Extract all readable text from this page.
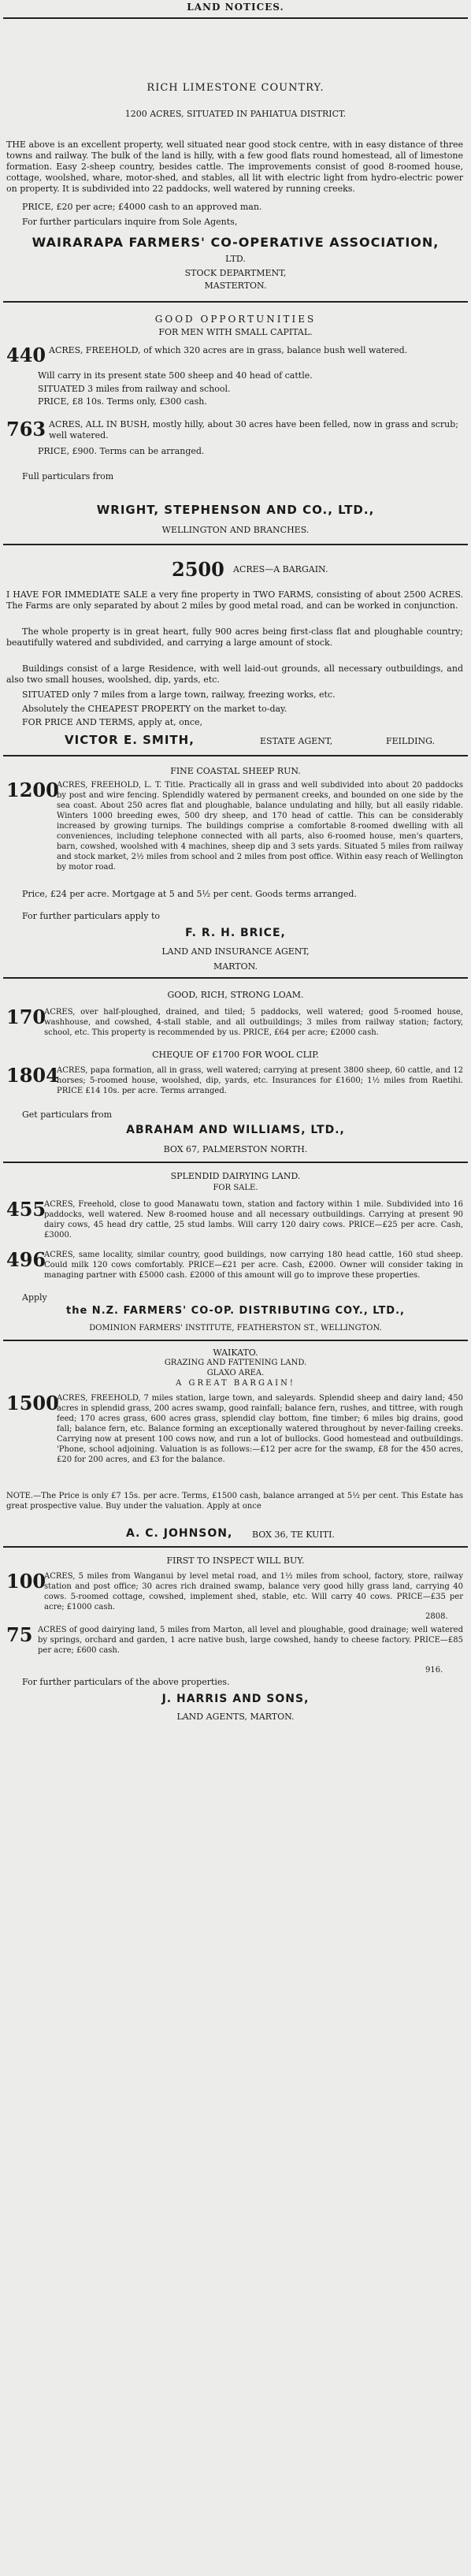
LAND NOTICES.
RICH LIMESTONE COUNTRY.
1200 ACRES, SITUATED IN PAHIATUA DISTRICT.
THE above is an excellent property, well situated near good stock centre, with in easy distance of three towns and railway. The bulk of the land is hilly, with a few good flats round homestead, all of limestone formation. Easy 2-sheep country, besides cattle. The improvements consist of good 8-roomed house, cottage, woolshed, whare, motor-shed, and stables, all lit with electric light from hydro-electric power on property. It is subdivided into 22 paddocks, well watered by running creeks.
PRICE, £20 per acre; £4000 cash to an approved man.
For further particulars inquire from Sole Agents,
WAIRARAPA FARMERS' CO-OPERATIVE ASSOCIATION,
LTD.
STOCK DEPARTMENT,
MASTERTON.
GOOD OPPORTUNITIES
FOR MEN WITH SMALL CAPITAL.
440 ACRES, FREEHOLD, of which 320 acres are in grass, balance bush well watered.
Will carry in its present state 500 sheep and 40 head of cattle.
SITUATED 3 miles from railway and school.
PRICE, £8 10s. Terms only, £300 cash.
763 ACRES, ALL IN BUSH, mostly hilly, about 30 acres have been felled, now in grass and scrub; well watered.
PRICE, £900. Terms can be arranged.
Full particulars from
WRIGHT, STEPHENSON AND CO., LTD.,
WELLINGTON AND BRANCHES.
2500 ACRES—A BARGAIN.
I HAVE FOR IMMEDIATE SALE a very fine property in TWO FARMS, consisting of about 2500 ACRES. The Farms are only separated by about 2 miles by good metal road, and can be worked in conjunction.
The whole property is in great heart, fully 900 acres being first-class flat and ploughable country; beautifully watered and subdivided, and carrying a large amount of stock.
Buildings consist of a large Residence, with well laid-out grounds, all necessary outbuildings, and also two small houses, woolshed, dip, yards, etc.
SITUATED only 7 miles from a large town, railway, freezing works, etc.
Absolutely the CHEAPEST PROPERTY on the market to-day.
FOR PRICE AND TERMS, apply at, once,
VICTOR E. SMITH,	ESTATE AGENT,	FEILDING.
FINE COASTAL SHEEP RUN.
1200
ACRES, FREEHOLD, L. T. Title. Practically all in grass and well subdivided into about 20 paddocks by post and wire fencing. Splendidly watered by permanent creeks, and bounded on one side by the sea coast. About 250 acres flat and ploughable, balance undulating and hilly, but all easily ridable. Winters 1000 breeding ewes, 500 dry sheep, and 170 head of cattle. This can be considerably increased by growing turnips. The buildings comprise a comfortable 8-roomed dwelling with all conveniences, including telephone connected with all parts, also 6-roomed house, men's quarters, barn, cowshed, woolshed with 4 machines, sheep dip and 3 sets yards. Situated 5 miles from railway and stock market, 2½ miles from school and 2 miles from post office. Within easy reach of Wellington by motor road.
Price, £24 per acre. Mortgage at 5 and 5½ per cent. Goods terms arranged.
For further particulars apply to
F. R. H. BRICE,
LAND AND INSURANCE AGENT,
MARTON.
GOOD, RICH, STRONG LOAM.
170
ACRES, over half-ploughed, drained, and tiled; 5 paddocks, well watered; good 5-roomed house, washhouse, and cowshed, 4-stall stable, and all outbuildings; 3 miles from railway station; factory, school, etc. This property is recommended by us. PRICE, £64 per acre; £2000 cash.
CHEQUE OF £1700 FOR WOOL CLIP.
1804
ACRES, papa formation, all in grass, well watered; carrying at present 3800 sheep, 60 cattle, and 12 horses; 5-roomed house, woolshed, dip, yards, etc. Insurances for £1600; 1½ miles from Raetihi. PRICE £14 10s. per acre. Terms arranged.
Get particulars from
ABRAHAM AND WILLIAMS, LTD.,
BOX 67, PALMERSTON NORTH.
SPLENDID DAIRYING LAND.
FOR SALE.
455
ACRES, Freehold, close to good Manawatu town, station and factory within 1 mile. Subdivided into 16 paddocks, well watered. New 8-roomed house and all necessary outbuildings. Carrying at present 90 dairy cows, 45 head dry cattle, 25 stud lambs. Will carry 120 dairy cows. PRICE—£25 per acre. Cash, £3000.
496
ACRES, same locality, similar country, good buildings, now carrying 180 head cattle, 160 stud sheep. Could milk 120 cows comfortably. PRICE—£21 per acre. Cash, £2000. Owner will consider taking in managing partner with £5000 cash. £2000 of this amount will go to improve these properties.
Apply
the N.Z. FARMERS' CO-OP. DISTRIBUTING COY., LTD.,
DOMINION FARMERS' INSTITUTE, FEATHERSTON ST., WELLINGTON.
WAIKATO.
GRAZING AND FATTENING LAND.
GLAXO AREA.
A GREAT BARGAIN!
1500
ACRES, FREEHOLD, 7 miles station, large town, and saleyards. Splendid sheep and dairy land; 450 acres in splendid grass, 200 acres swamp, good rainfall; balance fern, rushes, and tittree, with rough feed; 170 acres grass, 600 acres grass, splendid clay bottom, fine timber; 6 miles big drains, good fall; balance fern, etc. Balance forming an exceptionally watered throughout by never-failing creeks. Carrying now at present 100 cows now, and run a lot of bullocks. Good homestead and outbuildings. 'Phone, school adjoining. Valuation is as follows:—£12 per acre for the swamp, £8 for the 450 acres, £20 for 200 acres, and £3 for the balance.
NOTE.—The Price is only £7 15s. per acre. Terms, £1500 cash, balance arranged at 5½ per cent. This Estate has great prospective value. Buy under the valuation. Apply at once
A. C. JOHNSON, BOX 36, TE KUITI.
FIRST TO INSPECT WILL BUY.
100
ACRES, 5 miles from Wanganui by level metal road, and 1½ miles from school, factory, store, railway station and post office; 30 acres rich drained swamp, balance very good hilly grass land, carrying 40 cows. 5-roomed cottage, cowshed, implement shed, stable, etc. Will carry 40 cows. PRICE—£35 per acre; £1000 cash.
2808.
75 ACRES of good dairying land, 5 miles from Marton, all level and ploughable, good drainage; well watered by springs, orchard and garden, 1 acre native bush, large cowshed, handy to cheese factory. PRICE—£85 per acre; £600 cash.
916.
For further particulars of the above properties.
J. HARRIS AND SONS,
LAND AGENTS, MARTON.
